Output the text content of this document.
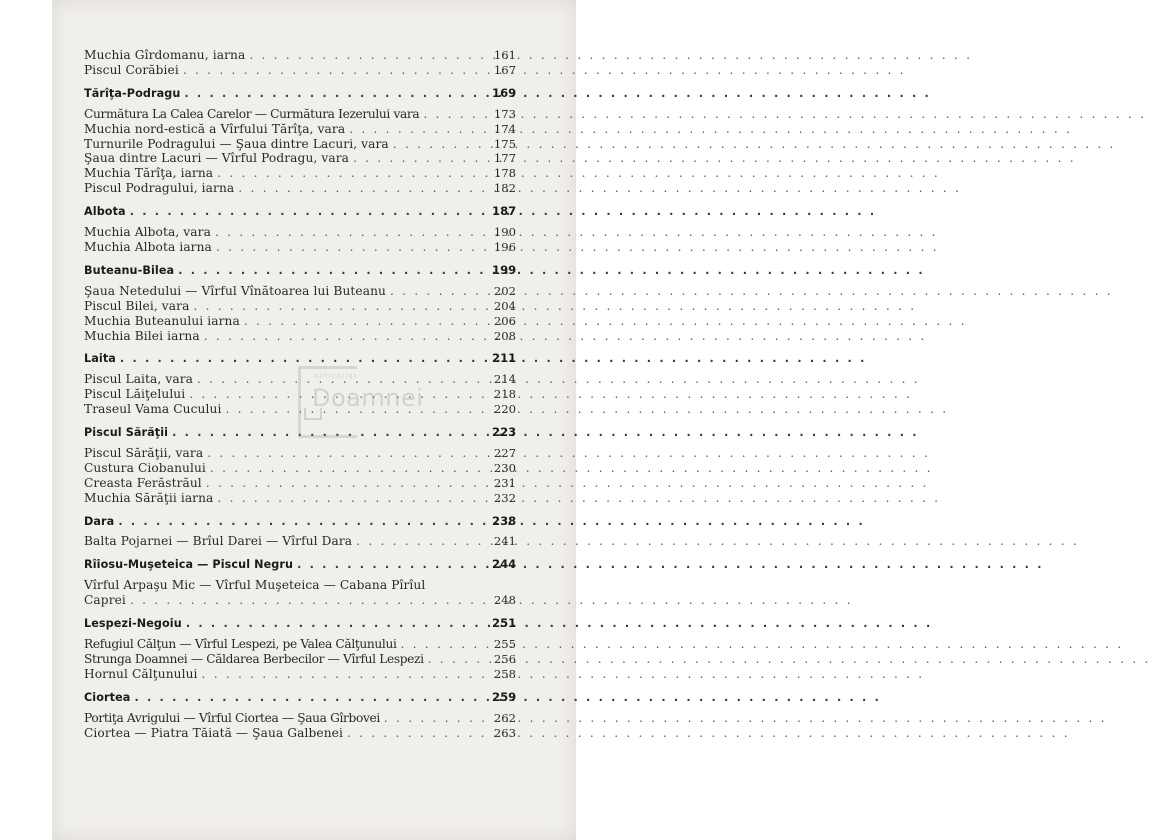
Muchia Gîrdomanu, iarna . . .	161
Piscul Corăbiei . . .	167
Tărîţa-Podragu . . .	169
Curmătura La Calea Carelor — Curmătura Iezerului vara . . .	173
Muchia nord-estică a Vîrfului Tărîţa, vara . . .	174
Turnurile Podragului — Şaua dintre Lacuri, vara . . .	175
Şaua dintre Lacuri — Vîrful Podragu, vara . . .	177
Muchia Tărîţa, iarna . . .	178
Piscul Podragului, iarna . . .	182
Albota . . .	187
Muchia Albota, vara . . .	190
Muchia Albota iarna . . .	196
Buteanu-Bilea . . .	199
Şaua Netedului — Vîrful Vînătoarea lui Buteanu . . .	202
Piscul Bilei, vara . . .	204
Muchia Buteanului iarna . . .	206
Muchia Bilei iarna . . .	208
Laita . . .	211
Piscul Laita, vara . . .	214
Piscul Lăiţelului . . .	218
Traseul Vama Cucului . . .	220
Piscul Sărăţii . . .	223
Piscul Sărăţii, vara . . .	227
Custura Ciobanului . . .	230
Creasta Ferăstrăul . . .	231
Muchia Sărăţii iarna . . .	232
Dara . . .	238
Balta Pojarnei — Brîul Darei — Vîrful Dara . . .	241
Rîiosu-Muşeteica — Piscul Negru . . .	244
Vîrful Arpaşu Mic — Vîrful Muşeteica — Cabana Pîrîul
Caprei . . .	248
Lespezi-Negoiu . . .	251
Refugiul Călţun — Vîrful Lespezi, pe Valea Călţunului . . .	255
Strunga Doamnei — Căldarea Berbecilor — Vîrful Lespezi . . .	256
Hornul Călţunului . . .	258
Ciortea . . .	259
Portiţa Avrigului — Vîrful Ciortea — Şaua Gîrbovei . . .	262
Ciortea — Piatra Tăiată — Şaua Galbenei . . .	263
anticariat
Doamnei
